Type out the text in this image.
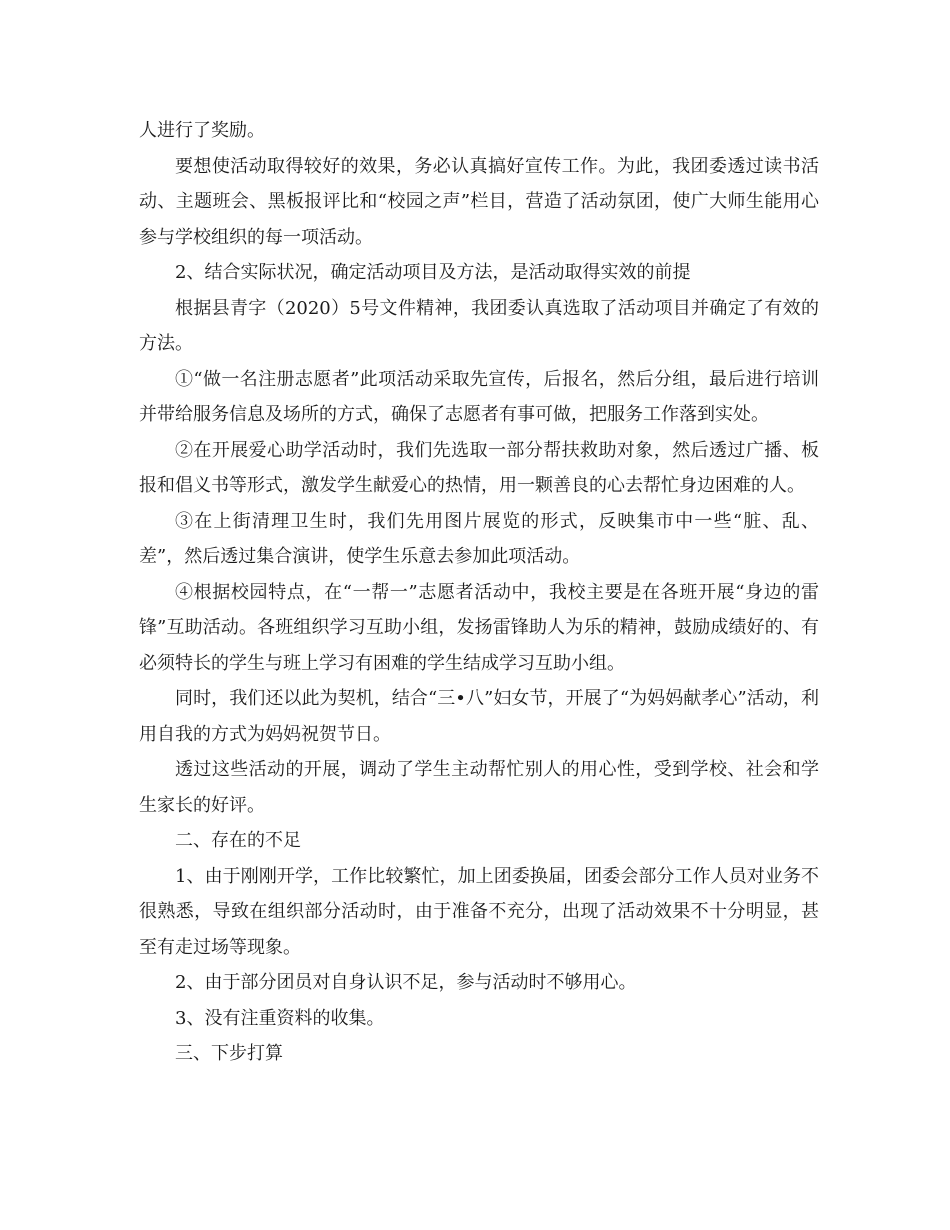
人进行了奖励。

要想使活动取得较好的效果，务必认真搞好宣传工作。为此，我团委透过读书活动、主题班会、黑板报评比和“校园之声”栏目，营造了活动氛团，使广大师生能用心参与学校组织的每一项活动。

2、结合实际状况，确定活动项目及方法，是活动取得实效的前提

根据县青字（2020）5号文件精神，我团委认真选取了活动项目并确定了有效的方法。

①“做一名注册志愿者”此项活动采取先宣传，后报名，然后分组，最后进行培训并带给服务信息及场所的方式，确保了志愿者有事可做，把服务工作落到实处。

②在开展爱心助学活动时，我们先选取一部分帮扶救助对象，然后透过广播、板报和倡义书等形式，激发学生献爱心的热情，用一颗善良的心去帮忙身边困难的人。

③在上街清理卫生时，我们先用图片展览的形式，反映集市中一些“脏、乱、差”，然后透过集合演讲，使学生乐意去参加此项活动。

④根据校园特点，在“一帮一”志愿者活动中，我校主要是在各班开展“身边的雷锋”互助活动。各班组织学习互助小组，发扬雷锋助人为乐的精神，鼓励成绩好的、有必须特长的学生与班上学习有困难的学生结成学习互助小组。

同时，我们还以此为契机，结合“三•八”妇女节，开展了“为妈妈献孝心”活动，利用自我的方式为妈妈祝贺节日。

透过这些活动的开展，调动了学生主动帮忙别人的用心性，受到学校、社会和学生家长的好评。

二、存在的不足

1、由于刚刚开学，工作比较繁忙，加上团委换届，团委会部分工作人员对业务不很熟悉，导致在组织部分活动时，由于准备不充分，出现了活动效果不十分明显，甚至有走过场等现象。

2、由于部分团员对自身认识不足，参与活动时不够用心。

3、没有注重资料的收集。

三、下步打算
